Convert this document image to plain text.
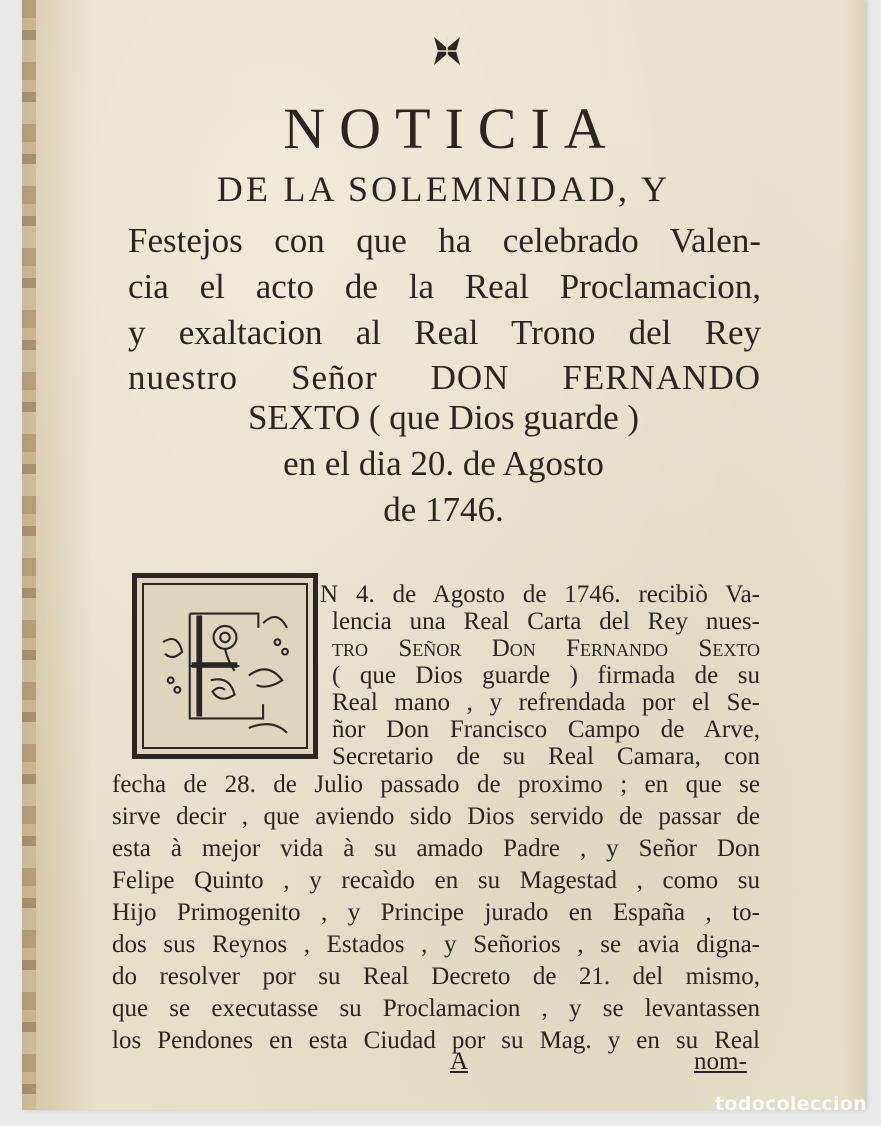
NOTICIA
DE LA SOLEMNIDAD, Y
Festejos con que ha celebrado Valen-
cia el acto de la Real Proclamacion,
y exaltacion al Real Trono del Rey
nuestro Señor DON FERNANDO
SEXTO ( que Dios guarde )
en el dia 20. de Agosto
de 1746.
N 4. de Agosto de 1746. recibiò Va-
lencia una Real Carta del Rey nues-
tro Señor Don Fernando Sexto
( que Dios guarde ) firmada de su
Real mano , y refrendada por el Se-
ñor Don Francisco Campo de Arve,
Secretario de su Real Camara, con
fecha de 28. de Julio passado de proximo ; en que se
sirve decir , que aviendo sido Dios servido de passar de
esta à mejor vida à su amado Padre , y Señor Don
Felipe Quinto , y recaìdo en su Magestad , como su
Hijo Primogenito , y Principe jurado en España , to-
dos sus Reynos , Estados , y Señorios , se avia digna-
do resolver por su Real Decreto de 21. del mismo,
que se executasse su Proclamacion , y se levantassen
los Pendones en esta Ciudad por su Mag. y en su Real
A	nom-
todocoleccion
